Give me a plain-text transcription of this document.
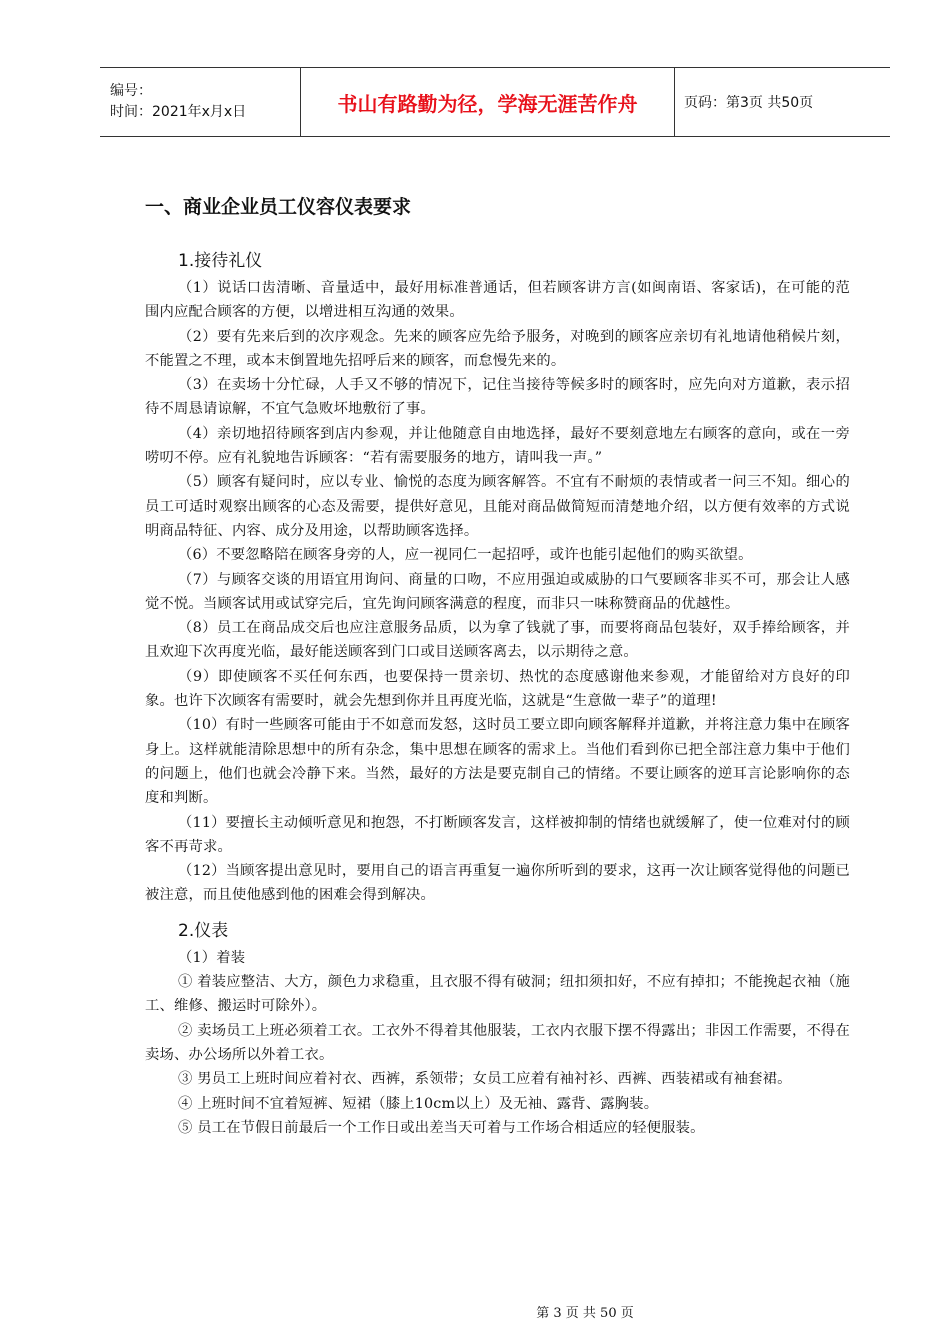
编号：
时间：2021年x月x日	书山有路勤为径，学海无涯苦作舟	页码：第3页 共50页
一、商业企业员工仪容仪表要求
1.接待礼仪

（1）说话口齿清晰、音量适中，最好用标准普通话，但若顾客讲方言(如闽南语、客家话)，在可能的范围内应配合顾客的方便，以增进相互沟通的效果。

（2）要有先来后到的次序观念。先来的顾客应先给予服务，对晚到的顾客应亲切有礼地请他稍候片刻，不能置之不理，或本末倒置地先招呼后来的顾客，而怠慢先来的。

（3）在卖场十分忙碌，人手又不够的情况下，记住当接待等候多时的顾客时，应先向对方道歉，表示招待不周恳请谅解，不宜气急败坏地敷衍了事。

（4）亲切地招待顾客到店内参观，并让他随意自由地选择，最好不要刻意地左右顾客的意向，或在一旁唠叨不停。应有礼貌地告诉顾客：“若有需要服务的地方，请叫我一声。”

（5）顾客有疑问时，应以专业、愉悦的态度为顾客解答。不宜有不耐烦的表情或者一问三不知。细心的员工可适时观察出顾客的心态及需要，提供好意见，且能对商品做简短而清楚地介绍，以方便有效率的方式说明商品特征、内容、成分及用途，以帮助顾客选择。

（6）不要忽略陪在顾客身旁的人，应一视同仁一起招呼，或许也能引起他们的购买欲望。

（7）与顾客交谈的用语宜用询问、商量的口吻，不应用强迫或威胁的口气要顾客非买不可，那会让人感觉不悦。当顾客试用或试穿完后，宜先询问顾客满意的程度，而非只一味称赞商品的优越性。

（8）员工在商品成交后也应注意服务品质，以为拿了钱就了事，而要将商品包装好，双手捧给顾客，并且欢迎下次再度光临，最好能送顾客到门口或目送顾客离去，以示期待之意。

（9）即使顾客不买任何东西，也要保持一贯亲切、热忱的态度感谢他来参观，才能留给对方良好的印象。也许下次顾客有需要时，就会先想到你并且再度光临，这就是“生意做一辈子”的道理!

（10）有时一些顾客可能由于不如意而发怒，这时员工要立即向顾客解释并道歉，并将注意力集中在顾客身上。这样就能清除思想中的所有杂念，集中思想在顾客的需求上。当他们看到你已把全部注意力集中于他们的问题上，他们也就会冷静下来。当然，最好的方法是要克制自己的情绪。不要让顾客的逆耳言论影响你的态度和判断。

（11）要擅长主动倾听意见和抱怨，不打断顾客发言，这样被抑制的情绪也就缓解了，使一位难对付的顾客不再苛求。

（12）当顾客提出意见时，要用自己的语言再重复一遍你所听到的要求，这再一次让顾客觉得他的问题已被注意，而且使他感到他的困难会得到解决。

2.仪表

（1）着装

① 着装应整洁、大方，颜色力求稳重，且衣服不得有破洞；纽扣须扣好，不应有掉扣；不能挽起衣袖（施工、维修、搬运时可除外）。

② 卖场员工上班必须着工衣。工衣外不得着其他服装，工衣内衣服下摆不得露出；非因工作需要，不得在卖场、办公场所以外着工衣。

③ 男员工上班时间应着衬衣、西裤，系领带；女员工应着有袖衬衫、西裤、西装裙或有袖套裙。

④ 上班时间不宜着短裤、短裙（膝上10cm以上）及无袖、露背、露胸装。

⑤ 员工在节假日前最后一个工作日或出差当天可着与工作场合相适应的轻便服装。

第 3 页 共 50 页
